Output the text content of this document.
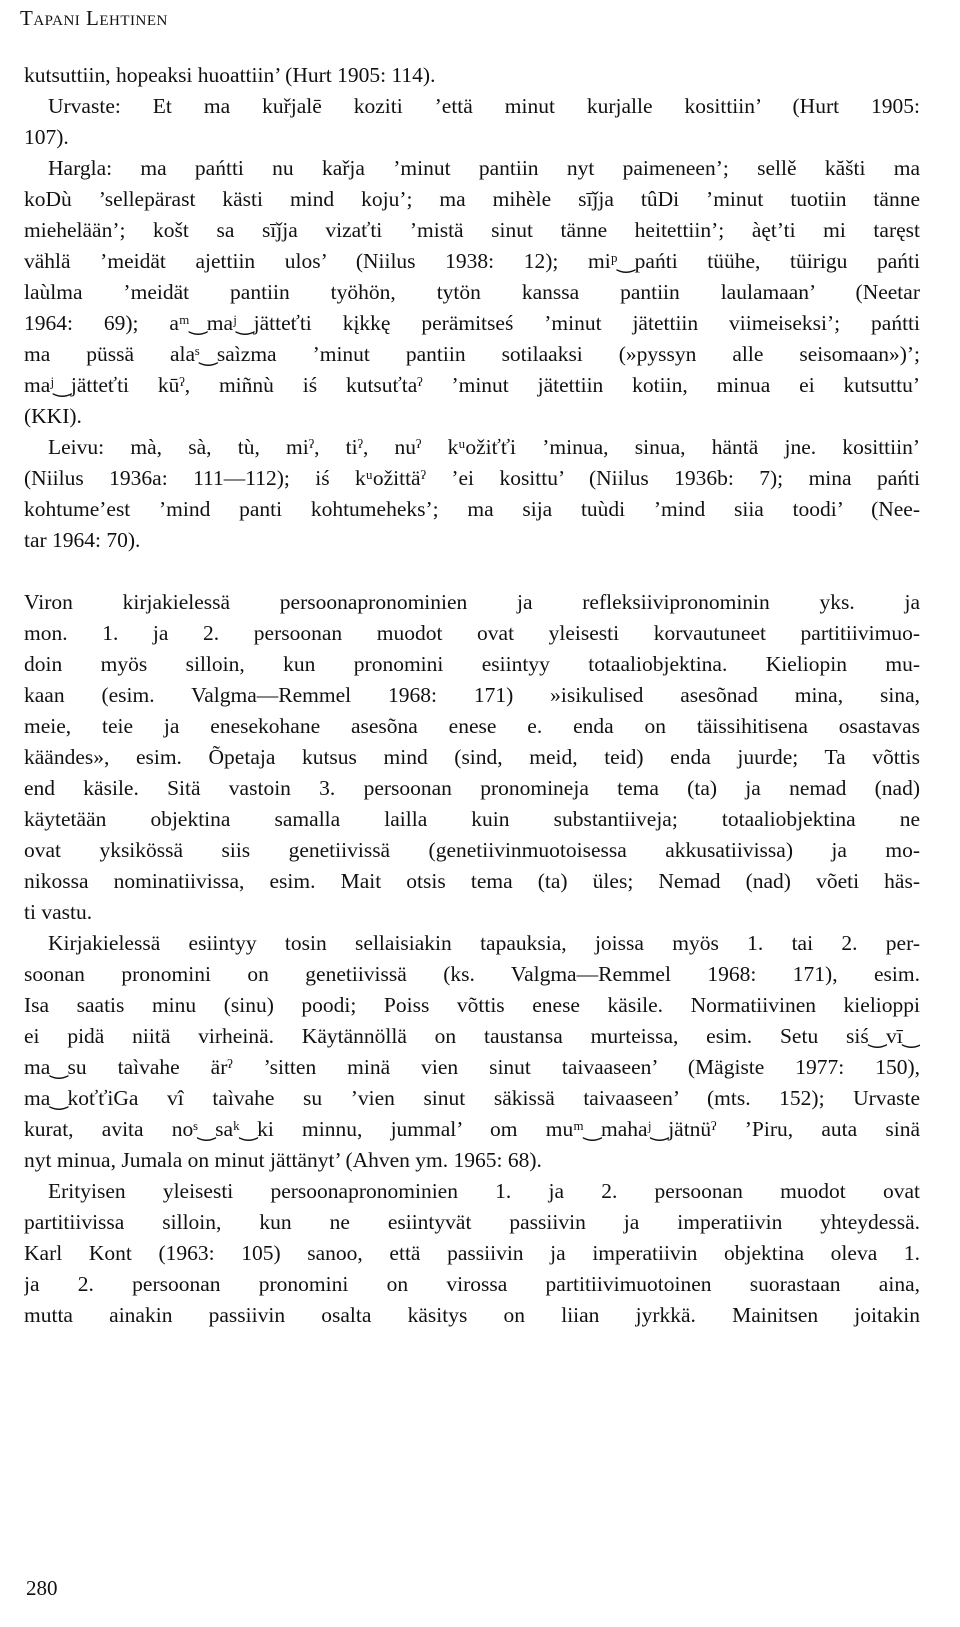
Tapani Lehtinen
kutsuttiin, hopeaksi huoattiin’ (Hurt 1905: 114).
Urvaste: Et ma kuřjalē koziti ’että minut kurjalle kosittiin’ (Hurt 1905:
107).
Hargla: ma pańtti nu kařja ’minut pantiin nyt paimeneen’; sellě kăšti ma
koDù ’sellepärast kästi mind koju’; ma mihèle sīǰja tûDi ’minut tuotiin tänne
miehelään’; košt sa sīǰja vizaťti ’mistä sinut tänne heitettiin’; àęt’ti mi taręst
vählä ’meidät ajettiin ulos’ (Niilus 1938: 12); miᵖ‿pańti tüühe, tüirigu pańti
laùlma ’meidät pantiin työhön, tytön kanssa pantiin laulamaan’ (Neetar
1964: 69); aᵐ‿maʲ‿jätteťti kįkkę perämitseś ’minut jätettiin viimeiseksi’; pańtti
ma püssä alaˢ‿saìzma ’minut pantiin sotilaaksi (»pyssyn alle seisomaan»)’;
maʲ‿jätteťti kūˀ, miñnù iś kutsuťtaˀ ’minut jätettiin kotiin, minua ei kutsuttu’
(KKI).
Leivu: mà, sà, tù, miˀ, tiˀ, nuˀ kᵘožiťťi ’minua, sinua, häntä jne. kosittiin’
(Niilus 1936a: 111—112); iś kᵘožittäˀ ’ei kosittu’ (Niilus 1936b: 7); mina pańti
kohtume’est ’mind panti kohtumeheks’; ma sija tuùdi ’mind siia toodi’ (Nee-
tar 1964: 70).
Viron kirjakielessä persoonapronominien ja refleksiivipronominin yks. ja
mon. 1. ja 2. persoonan muodot ovat yleisesti korvautuneet partitiivimuo-
doin myös silloin, kun pronomini esiintyy totaaliobjektina. Kieliopin mu-
kaan (esim. Valgma—Remmel 1968: 171) »isikulised asesõnad mina, sina,
meie, teie ja enesekohane asesõna enese e. enda on täissihitisena osastavas
käändes», esim. Õpetaja kutsus mind (sind, meid, teid) enda juurde; Ta võttis
end käsile. Sitä vastoin 3. persoonan pronomineja tema (ta) ja nemad (nad)
käytetään objektina samalla lailla kuin substantiiveja; totaaliobjektina ne
ovat yksikössä siis genetiivissä (genetiivinmuotoisessa akkusatiivissa) ja mo-
nikossa nominatiivissa, esim. Mait otsis tema (ta) üles; Nemad (nad) võeti häs-
ti vastu.
Kirjakielessä esiintyy tosin sellaisiakin tapauksia, joissa myös 1. tai 2. per-
soonan pronomini on genetiivissä (ks. Valgma—Remmel 1968: 171), esim.
Isa saatis minu (sinu) poodi; Poiss võttis enese käsile. Normatiivinen kielioppi
ei pidä niitä virheinä. Käytännöllä on taustansa murteissa, esim. Setu siś‿vī‿
ma‿su taìvahe ärˀ ’sitten minä vien sinut taivaaseen’ (Mägiste 1977: 150),
ma‿koťťiGa vî taìvahe su ’vien sinut säkissä taivaaseen’ (mts. 152); Urvaste
kurat, avita noˢ‿saᵏ‿ki minnu, jummal’ om muᵐ‿mahaʲ‿jätnüˀ ’Piru, auta sinä
nyt minua, Jumala on minut jättänyt’ (Ahven ym. 1965: 68).
Erityisen yleisesti persoonapronominien 1. ja 2. persoonan muodot ovat
partitiivissa silloin, kun ne esiintyvät passiivin ja imperatiivin yhteydessä.
Karl Kont (1963: 105) sanoo, että passiivin ja imperatiivin objektina oleva 1.
ja 2. persoonan pronomini on virossa partitiivimuotoinen suorastaan aina,
mutta ainakin passiivin osalta käsitys on liian jyrkkä. Mainitsen joitakin
280
